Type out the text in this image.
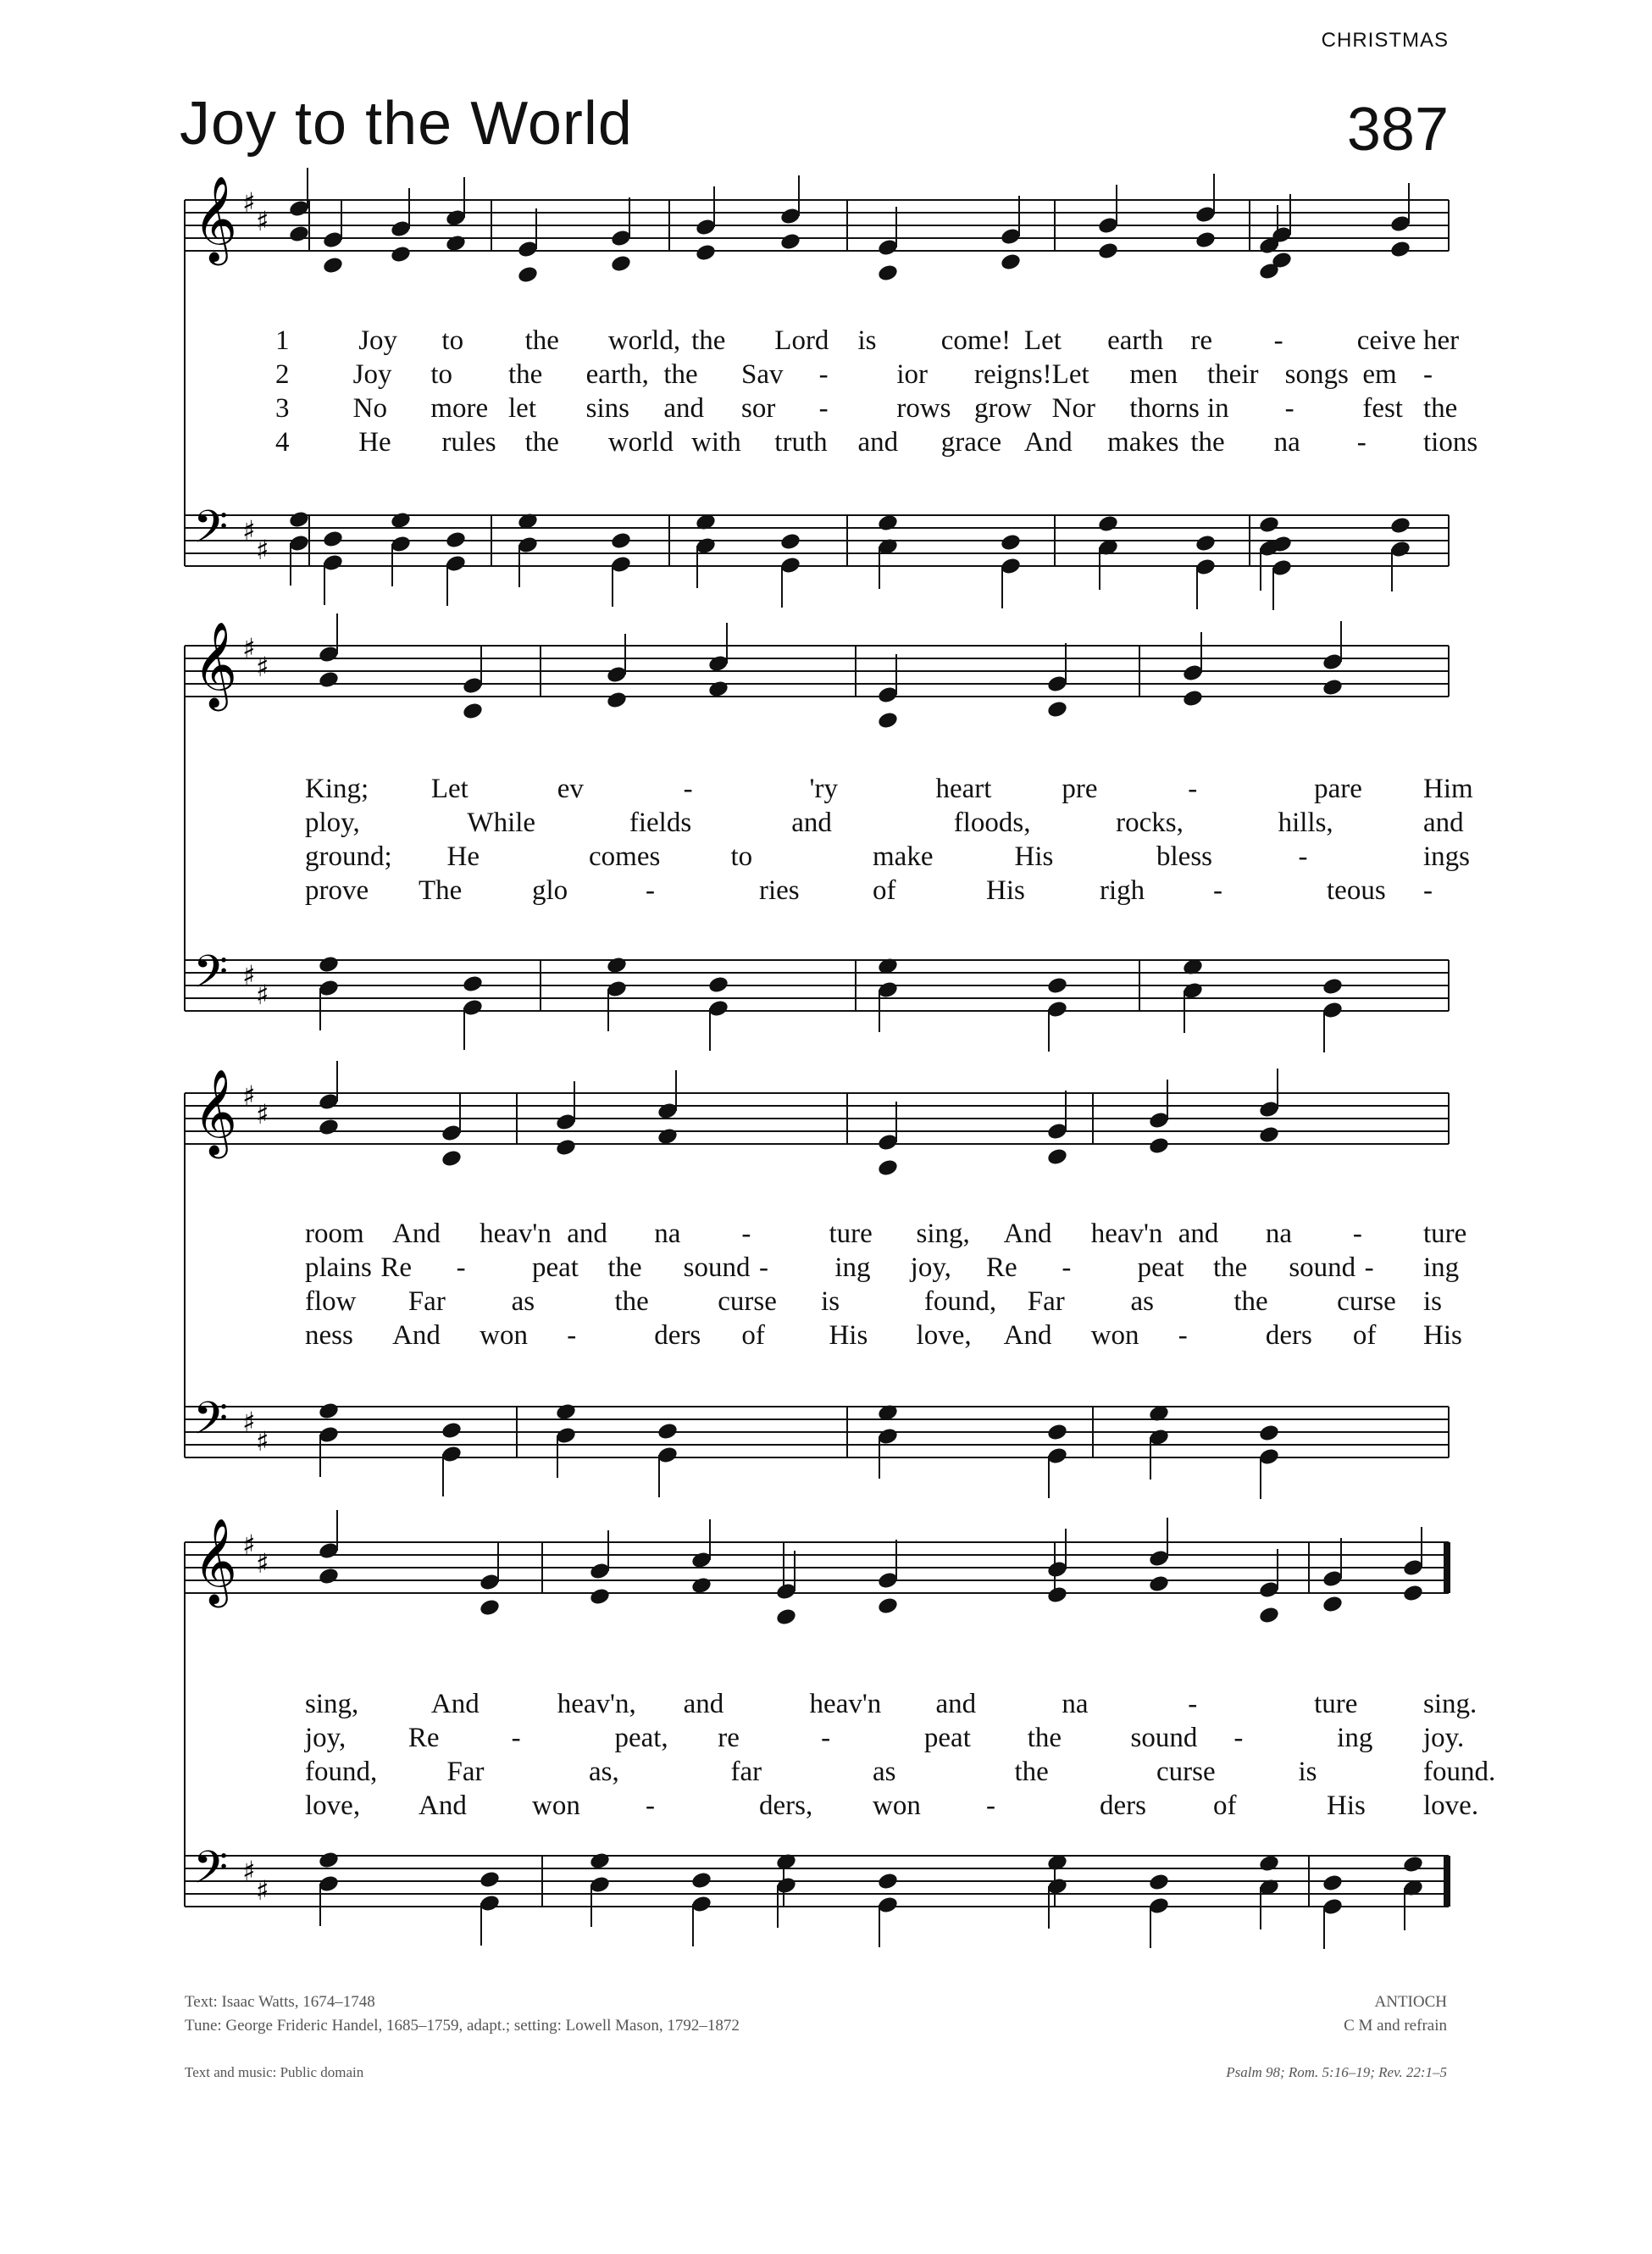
CHRISTMAS
Joy to the World	387
𝄞
𝄢
♯
♯
♯
♯
𝄞
𝄢
♯
♯
♯
♯
𝄞
𝄢
♯
♯
♯
♯
𝄞
𝄢
♯
♯
♯
♯
1 Joy to the world, the Lord is come! Let earth re -	ceive her
2 Joy to the earth, the Sav - ior reigns! Let men their songs em -
3 No more let sins and sor - rows grow Nor thorns in - fest the
4 He rules the world with truth and grace And makes the na - tions
King; Let	ev	-	'ry	heart	pre	-	pare Him
ploy,	While	fields	and	floods,	rocks,	hills,	and
ground; He	comes	to	make	His	bless	-	ings
prove The	glo	-	ries	of	His	righ -	teous -
room And heav'n and na -	ture sing, And heav'n and na - ture
plains Re - peat the sound - ing joy, Re - peat the sound - ing
flow Far as	the curse is	found, Far as	the curse is
ness And won -	ders of His love, And won -	ders of His
sing,	And	heav'n, and	heav'n and	na	-	ture sing.
joy, Re	-	peat, re	-	peat the sound -	ing joy.
found, Far	as,	far	as	the	curse	is	found.
love, And won -	ders, won -	ders of	His love.
Text: Isaac Watts, 1674–1748
Tune: George Frideric Handel, 1685–1759, adapt.; setting: Lowell Mason, 1792–1872
ANTIOCH
C M and refrain
Text and music: Public domain	Psalm 98; Rom. 5:16–19; Rev. 22:1–5
